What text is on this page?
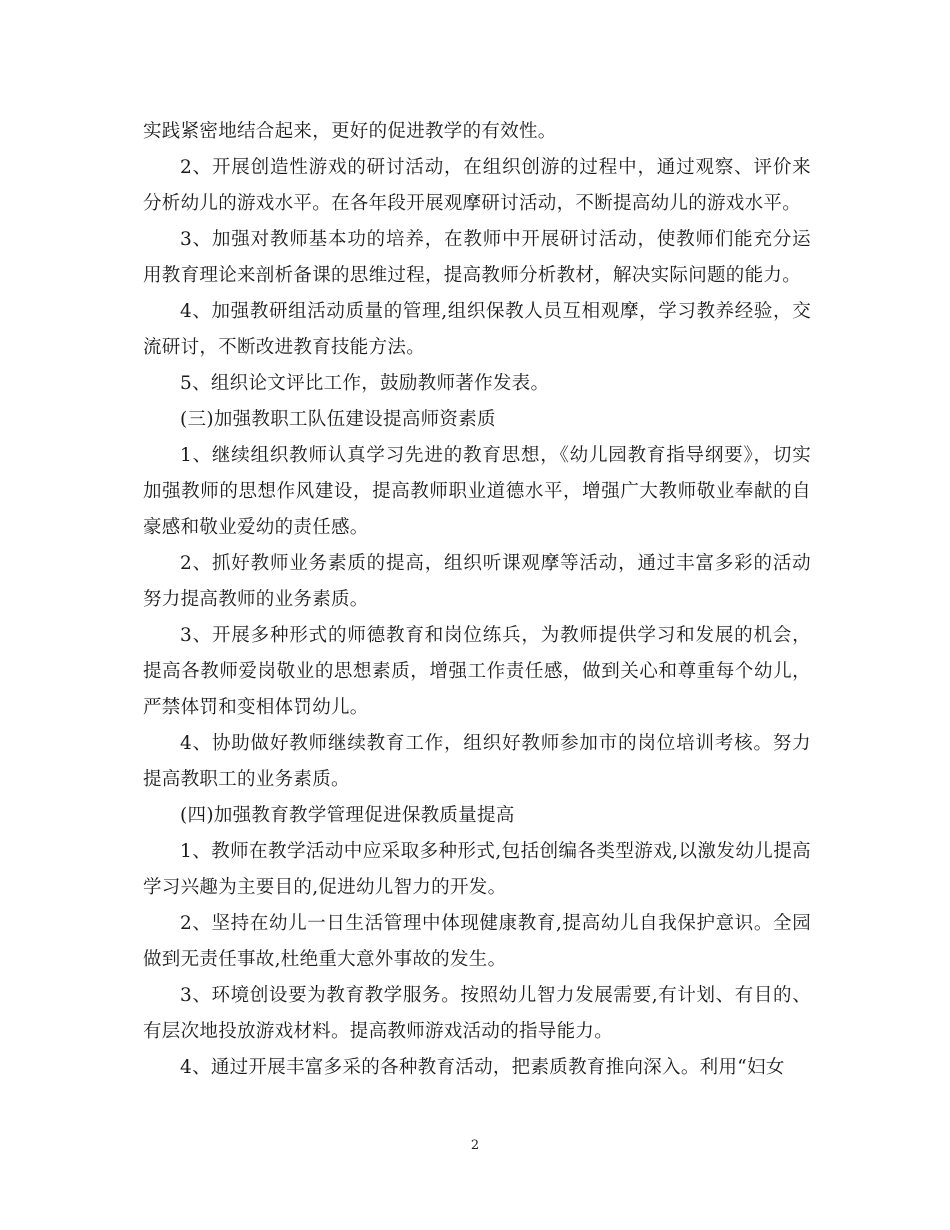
实践紧密地结合起来，更好的促进教学的有效性。

2、开展创造性游戏的研讨活动，在组织创游的过程中，通过观察、评价来分析幼儿的游戏水平。在各年段开展观摩研讨活动，不断提高幼儿的游戏水平。

3、加强对教师基本功的培养，在教师中开展研讨活动，使教师们能充分运用教育理论来剖析备课的思维过程，提高教师分析教材，解决实际问题的能力。

4、加强教研组活动质量的管理,组织保教人员互相观摩，学习教养经验，交流研讨，不断改进教育技能方法。

5、组织论文评比工作，鼓励教师著作发表。

(三)加强教职工队伍建设提高师资素质

1、继续组织教师认真学习先进的教育思想，《幼儿园教育指导纲要》，切实加强教师的思想作风建设，提高教师职业道德水平，增强广大教师敬业奉献的自豪感和敬业爱幼的责任感。

2、抓好教师业务素质的提高，组织听课观摩等活动，通过丰富多彩的活动努力提高教师的业务素质。

3、开展多种形式的师德教育和岗位练兵，为教师提供学习和发展的机会，提高各教师爱岗敬业的思想素质，增强工作责任感，做到关心和尊重每个幼儿，严禁体罚和变相体罚幼儿。

4、协助做好教师继续教育工作，组织好教师参加市的岗位培训考核。努力提高教职工的业务素质。

(四)加强教育教学管理促进保教质量提高

1、教师在教学活动中应采取多种形式,包括创编各类型游戏,以激发幼儿提高学习兴趣为主要目的,促进幼儿智力的开发。

2、坚持在幼儿一日生活管理中体现健康教育,提高幼儿自我保护意识。全园做到无责任事故,杜绝重大意外事故的发生。

3、环境创设要为教育教学服务。按照幼儿智力发展需要,有计划、有目的、有层次地投放游戏材料。提高教师游戏活动的指导能力。

4、通过开展丰富多采的各种教育活动，把素质教育推向深入。利用“妇女

2
